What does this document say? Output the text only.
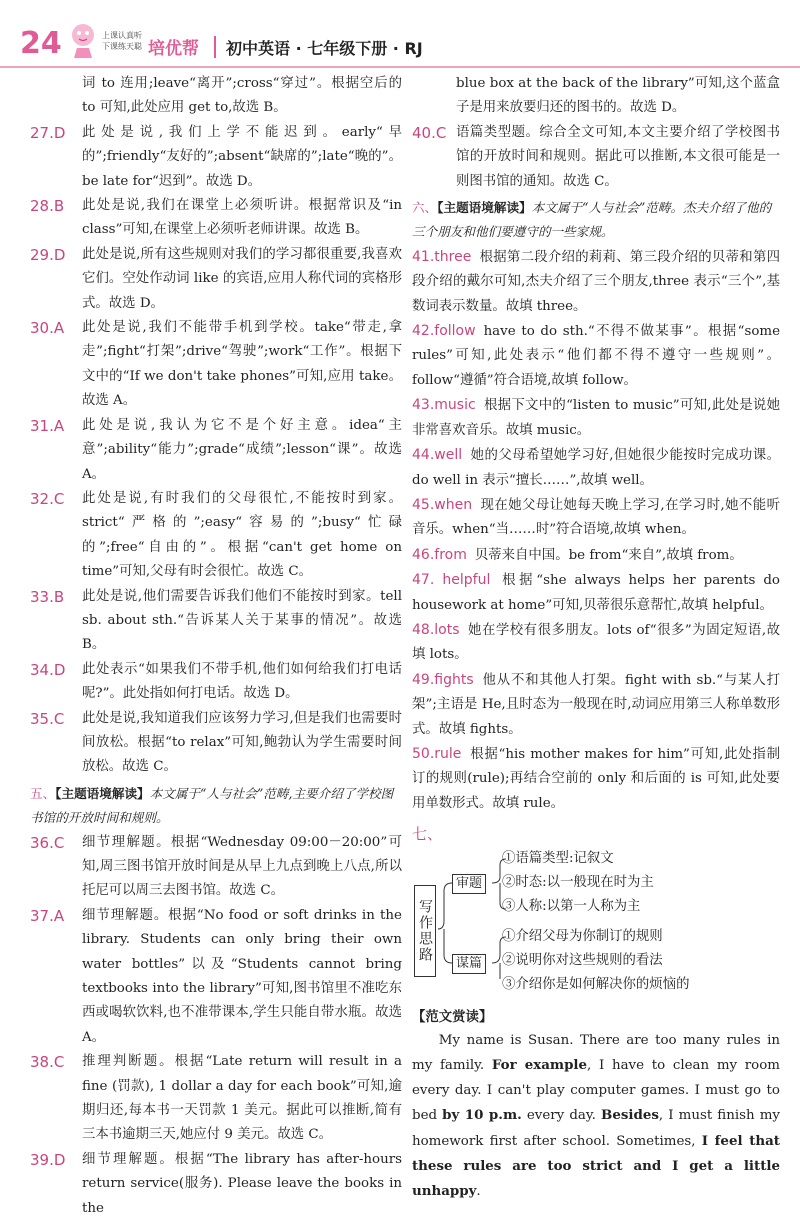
24	上课认真听
下课练天聪 培优帮 初中英语 · 七年级下册 · RJ
词 to 连用;leave“离开”;cross“穿过”。根据空后的 to 可知,此处应用 get to,故选 B。
27.D	此处是说,我们上学不能迟到。early“早的”;friendly“友好的”;absent“缺席的”;late“晚的”。be late for“迟到”。故选 D。
28.B	此处是说,我们在课堂上必须听讲。根据常识及“in class”可知,在课堂上必须听老师讲课。故选 B。
29.D	此处是说,所有这些规则对我们的学习都很重要,我喜欢它们。空处作动词 like 的宾语,应用人称代词的宾格形式。故选 D。
30.A	此处是说,我们不能带手机到学校。take“带走,拿走”;fight“打架”;drive“驾驶”;work“工作”。根据下文中的“If we don't take phones”可知,应用 take。故选 A。
31.A	此处是说,我认为它不是个好主意。idea“主意”;ability“能力”;grade“成绩”;lesson“课”。故选 A。
32.C	此处是说,有时我们的父母很忙,不能按时到家。strict“严格的”;easy“容易的”;busy“忙碌的”;free“自由的”。根据“can't get home on time”可知,父母有时会很忙。故选 C。
33.B	此处是说,他们需要告诉我们他们不能按时到家。tell sb. about sth.“告诉某人关于某事的情况”。故选 B。
34.D	此处表示“如果我们不带手机,他们如何给我们打电话呢?”。此处指如何打电话。故选 D。
35.C	此处是说,我知道我们应该努力学习,但是我们也需要时间放松。根据“to relax”可知,鲍勃认为学生需要时间放松。故选 C。
五、【主题语境解读】本文属于“人与社会”范畴,主要介绍了学校图书馆的开放时间和规则。
36.C	细节理解题。根据“Wednesday 09:00－20:00”可知,周三图书馆开放时间是从早上九点到晚上八点,所以托尼可以周三去图书馆。故选 C。
37.A	细节理解题。根据“No food or soft drinks in the library. Students can only bring their own water bottles”以及“Students cannot bring textbooks into the library”可知,图书馆里不准吃东西或喝软饮料,也不准带课本,学生只能自带水瓶。故选 A。
38.C	推理判断题。根据“Late return will result in a fine (罚款), 1 dollar a day for each book”可知,逾期归还,每本书一天罚款 1 美元。据此可以推断,简有三本书逾期三天,她应付 9 美元。故选 C。
39.D	细节理解题。根据“The library has after-hours return service(服务). Please leave the books in the
blue box at the back of the library”可知,这个蓝盒子是用来放要归还的图书的。故选 D。
40.C 语篇类型题。综合全文可知,本文主要介绍了学校图书馆的开放时间和规则。据此可以推断,本文很可能是一则图书馆的通知。故选 C。
六、【主题语境解读】本文属于“人与社会”范畴。杰夫介绍了他的三个朋友和他们要遵守的一些家规。
41.three 根据第二段介绍的莉莉、第三段介绍的贝蒂和第四段介绍的戴尔可知,杰夫介绍了三个朋友,three 表示“三个”,基数词表示数量。故填 three。
42.follow have to do sth.“不得不做某事”。根据“some rules”可知,此处表示“他们都不得不遵守一些规则”。follow“遵循”符合语境,故填 follow。
43.music 根据下文中的“listen to music”可知,此处是说她非常喜欢音乐。故填 music。
44.well 她的父母希望她学习好,但她很少能按时完成功课。do well in 表示“擅长……”,故填 well。
45.when 现在她父母让她每天晚上学习,在学习时,她不能听音乐。when“当……时”符合语境,故填 when。
46.from 贝蒂来自中国。be from“来自”,故填 from。
47. helpful 根据“she always helps her parents do housework at home”可知,贝蒂很乐意帮忙,故填 helpful。
48.lots 她在学校有很多朋友。lots of“很多”为固定短语,故填 lots。
49.fights 他从不和其他人打架。fight with sb.“与某人打架”;主语是 He,且时态为一般现在时,动词应用第三人称单数形式。故填 fights。
50.rule 根据“his mother makes for him”可知,此处指制订的规则(rule);再结合空前的 only 和后面的 is 可知,此处要用单数形式。故填 rule。
七、
写作思路
审题
谋篇
①语篇类型:记叙文
②时态:以一般现在时为主
③人称:以第一人称为主
①介绍父母为你制订的规则
②说明你对这些规则的看法
③介绍你是如何解决你的烦恼的
【范文赏读】
My name is Susan. There are too many rules in my family. For example, I have to clean my room every day. I can't play computer games. I must go to bed by 10 p.m. every day. Besides, I must finish my homework first after school. Sometimes, I feel that these rules are too strict and I get a little unhappy.
